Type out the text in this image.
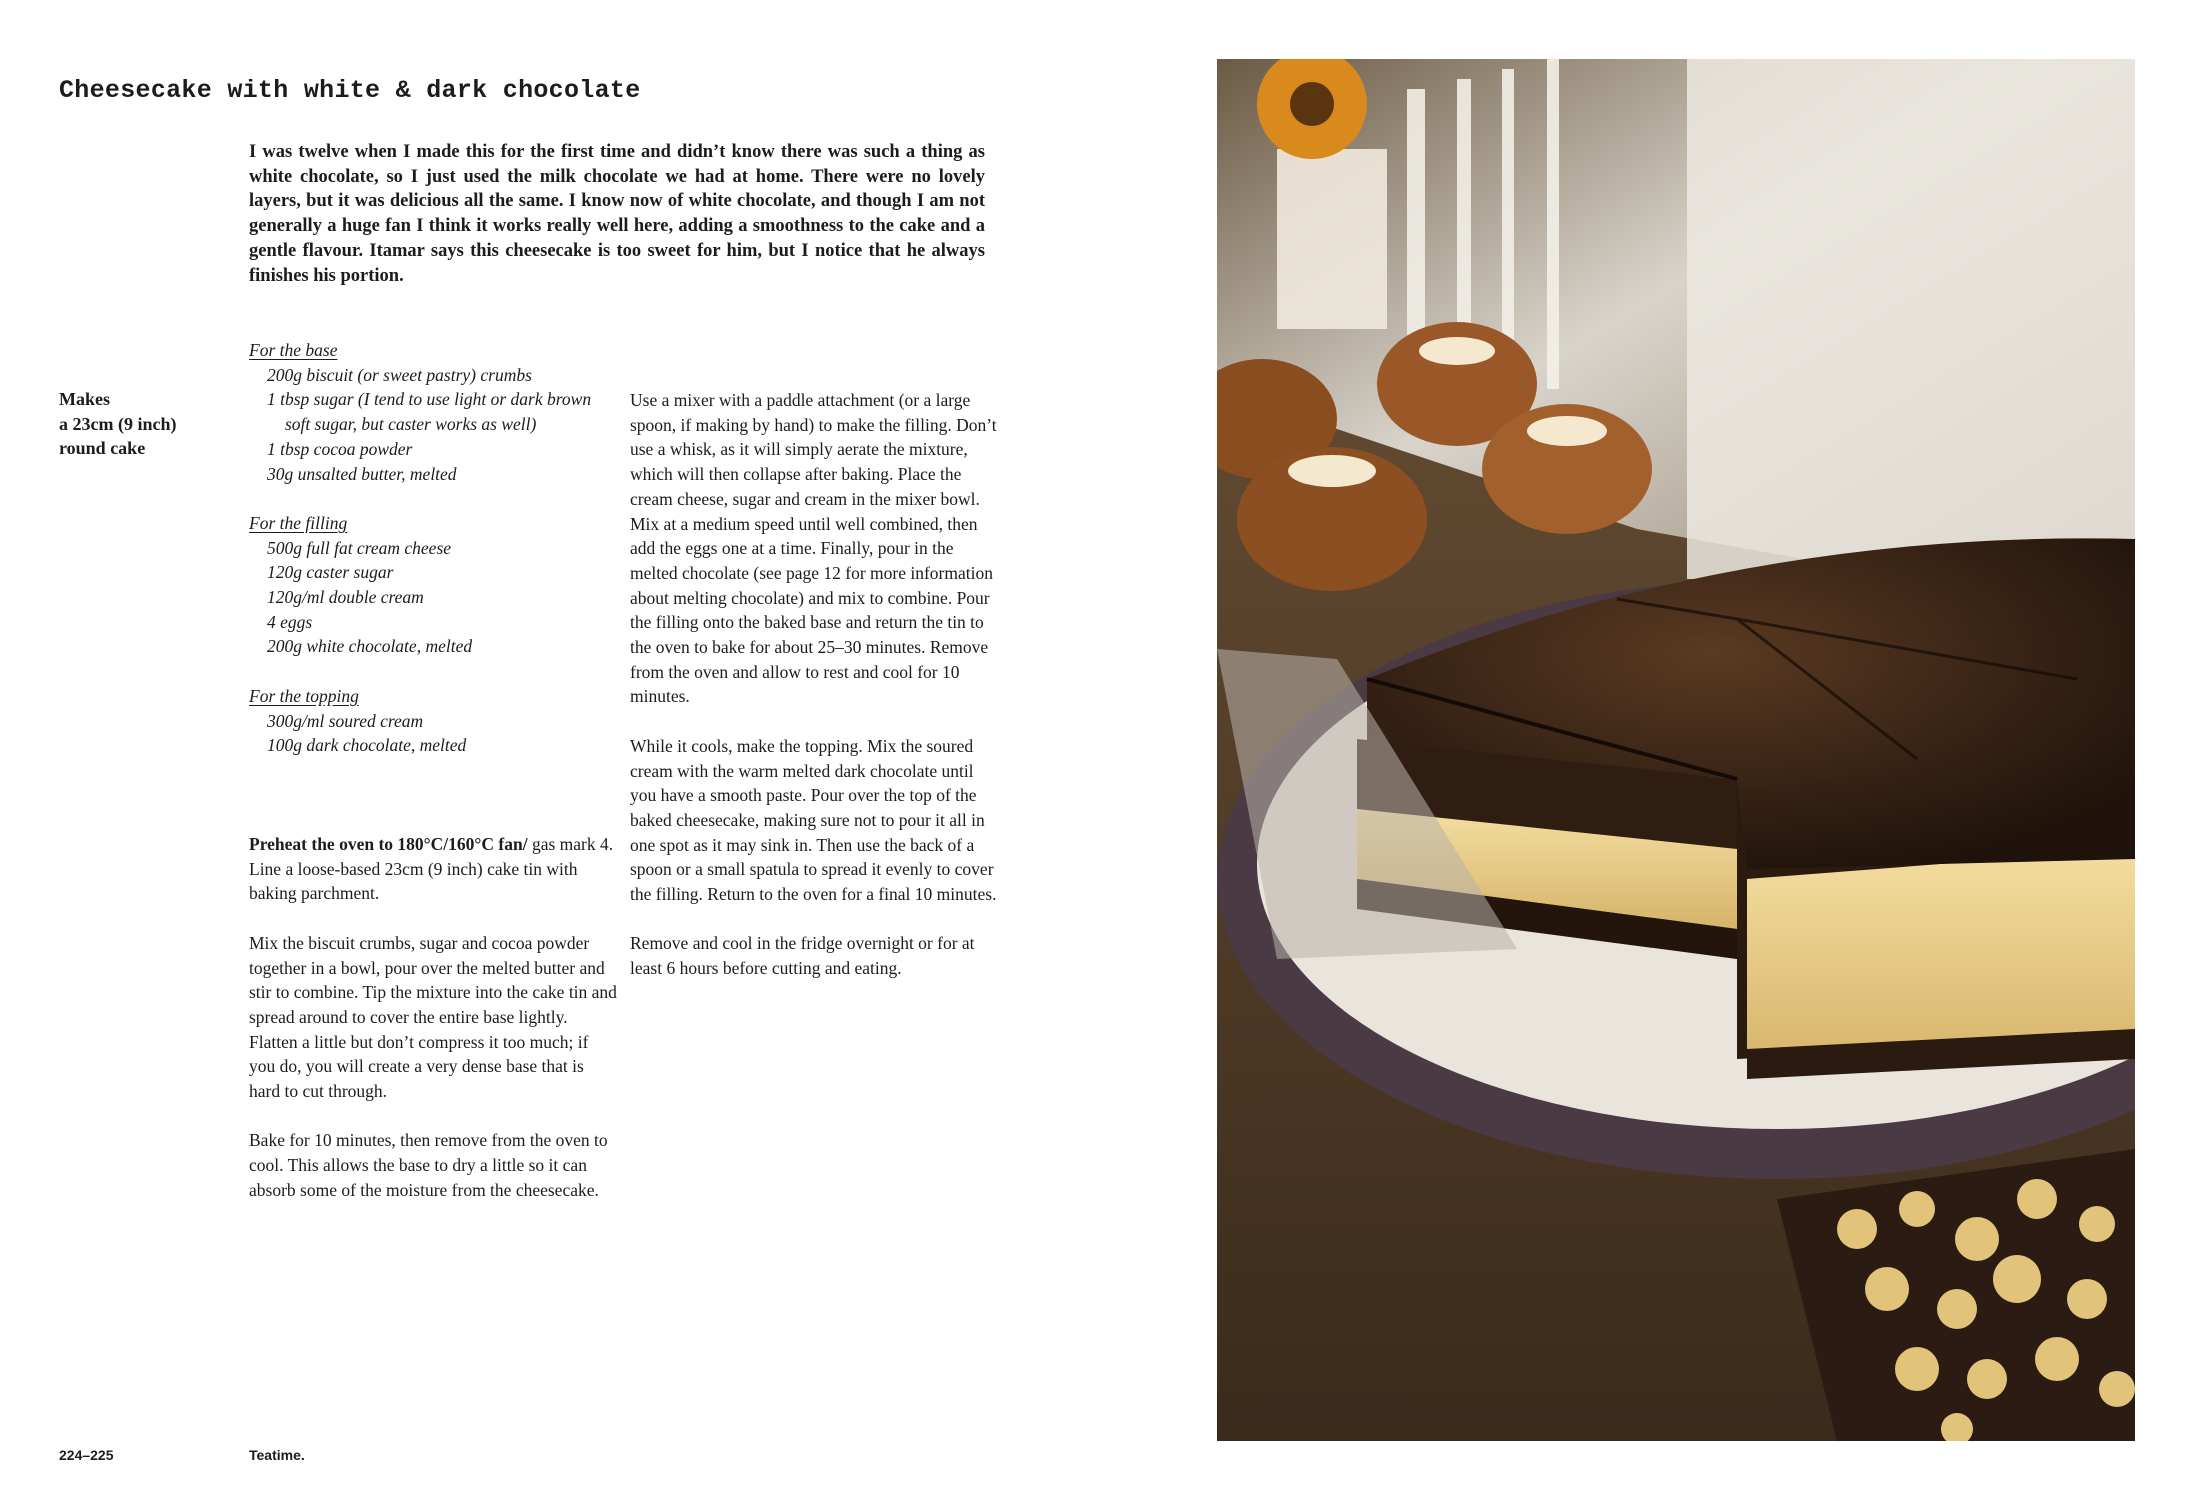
Cheesecake with white & dark chocolate

I was twelve when I made this for the first time and didn’t know there was such a thing as white chocolate, so I just used the milk chocolate we had at home. There were no lovely layers, but it was delicious all the same. I know now of white chocolate, and though I am not generally a huge fan I think it works really well here, adding a smoothness to the cake and a gentle flavour. Itamar says this cheesecake is too sweet for him, but I notice that he always finishes his portion.

Makes
a 23cm (9 inch)
round cake

For the base
200g biscuit (or sweet pastry) crumbs
1 tbsp sugar (I tend to use light or dark brown soft sugar, but caster works as well)
1 tbsp cocoa powder
30g unsalted butter, melted
For the filling
500g full fat cream cheese
120g caster sugar
120g/ml double cream
4 eggs
200g white chocolate, melted
For the topping
300g/ml soured cream
100g dark chocolate, melted

Preheat the oven to 180°C/160°C fan/ gas mark 4. Line a loose-based 23cm (9 inch) cake tin with baking parchment.

Mix the biscuit crumbs, sugar and cocoa powder together in a bowl, pour over the melted butter and stir to combine. Tip the mixture into the cake tin and spread around to cover the entire base lightly. Flatten a little but don’t compress it too much; if you do, you will create a very dense base that is hard to cut through.

Bake for 10 minutes, then remove from the oven to cool. This allows the base to dry a little so it can absorb some of the moisture from the cheesecake.

Use a mixer with a paddle attachment (or a large spoon, if making by hand) to make the filling. Don’t use a whisk, as it will simply aerate the mixture, which will then collapse after baking. Place the cream cheese, sugar and cream in the mixer bowl. Mix at a medium speed until well combined, then add the eggs one at a time. Finally, pour in the melted chocolate (see page 12 for more information about melting chocolate) and mix to combine. Pour the filling onto the baked base and return the tin to the oven to bake for about 25–30 minutes. Remove from the oven and allow to rest and cool for 10 minutes.

While it cools, make the topping. Mix the soured cream with the warm melted dark chocolate until you have a smooth paste. Pour over the top of the baked cheesecake, making sure not to pour it all in one spot as it may sink in. Then use the back of a spoon or a small spatula to spread it evenly to cover the filling. Return to the oven for a final 10 minutes.

Remove and cool in the fridge overnight or for at least 6 hours before cutting and eating.

224–225	Teatime.
